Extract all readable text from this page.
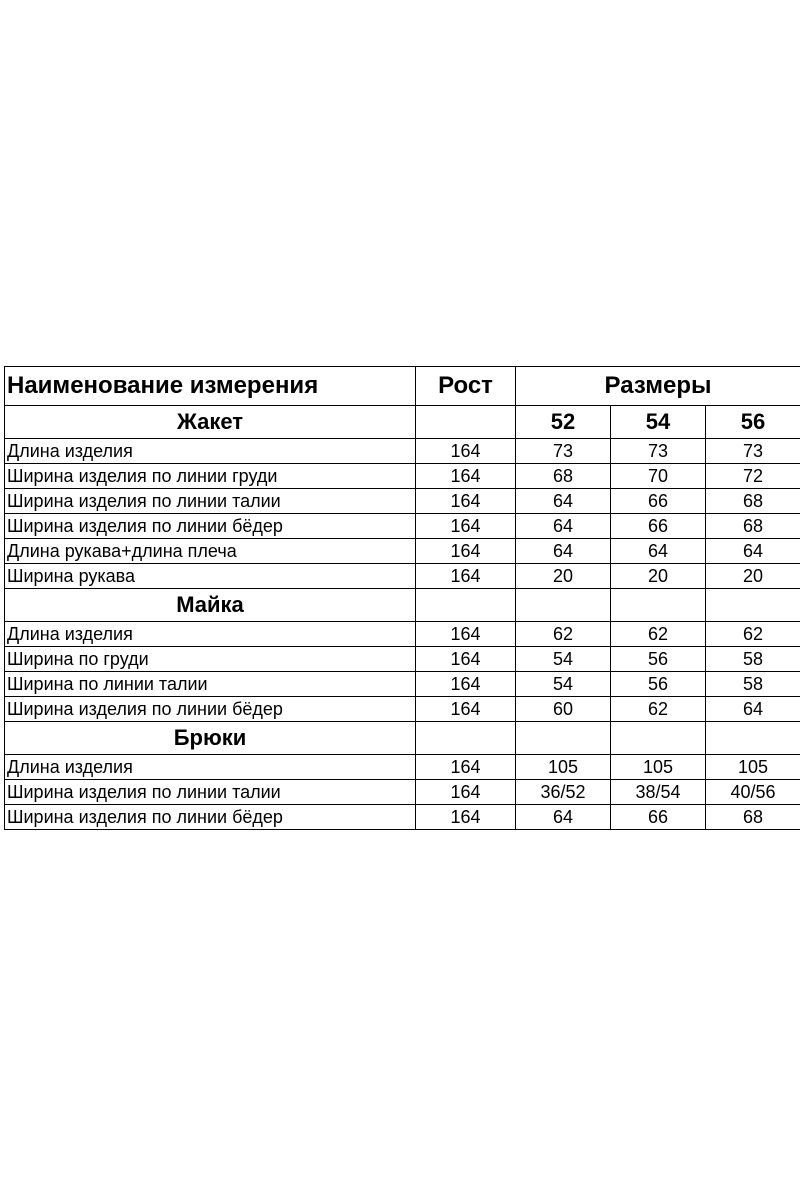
Наименование измерения	Рост	Размеры		
Жакет		52	54	56
Длина изделия	164	73	73	73
Ширина изделия по линии груди	164	68	70	72
Ширина изделия по линии талии	164	64	66	68
Ширина изделия по линии бёдер	164	64	66	68
Длина рукава+длина плеча	164	64	64	64
Ширина рукава	164	20	20	20
Майка				
Длина изделия	164	62	62	62
Ширина по груди	164	54	56	58
Ширина по линии талии	164	54	56	58
Ширина изделия по линии бёдер	164	60	62	64
Брюки				
Длина изделия	164	105	105	105
Ширина изделия по линии талии	164	36/52	38/54	40/56
Ширина изделия по линии бёдер	164	64	66	68
